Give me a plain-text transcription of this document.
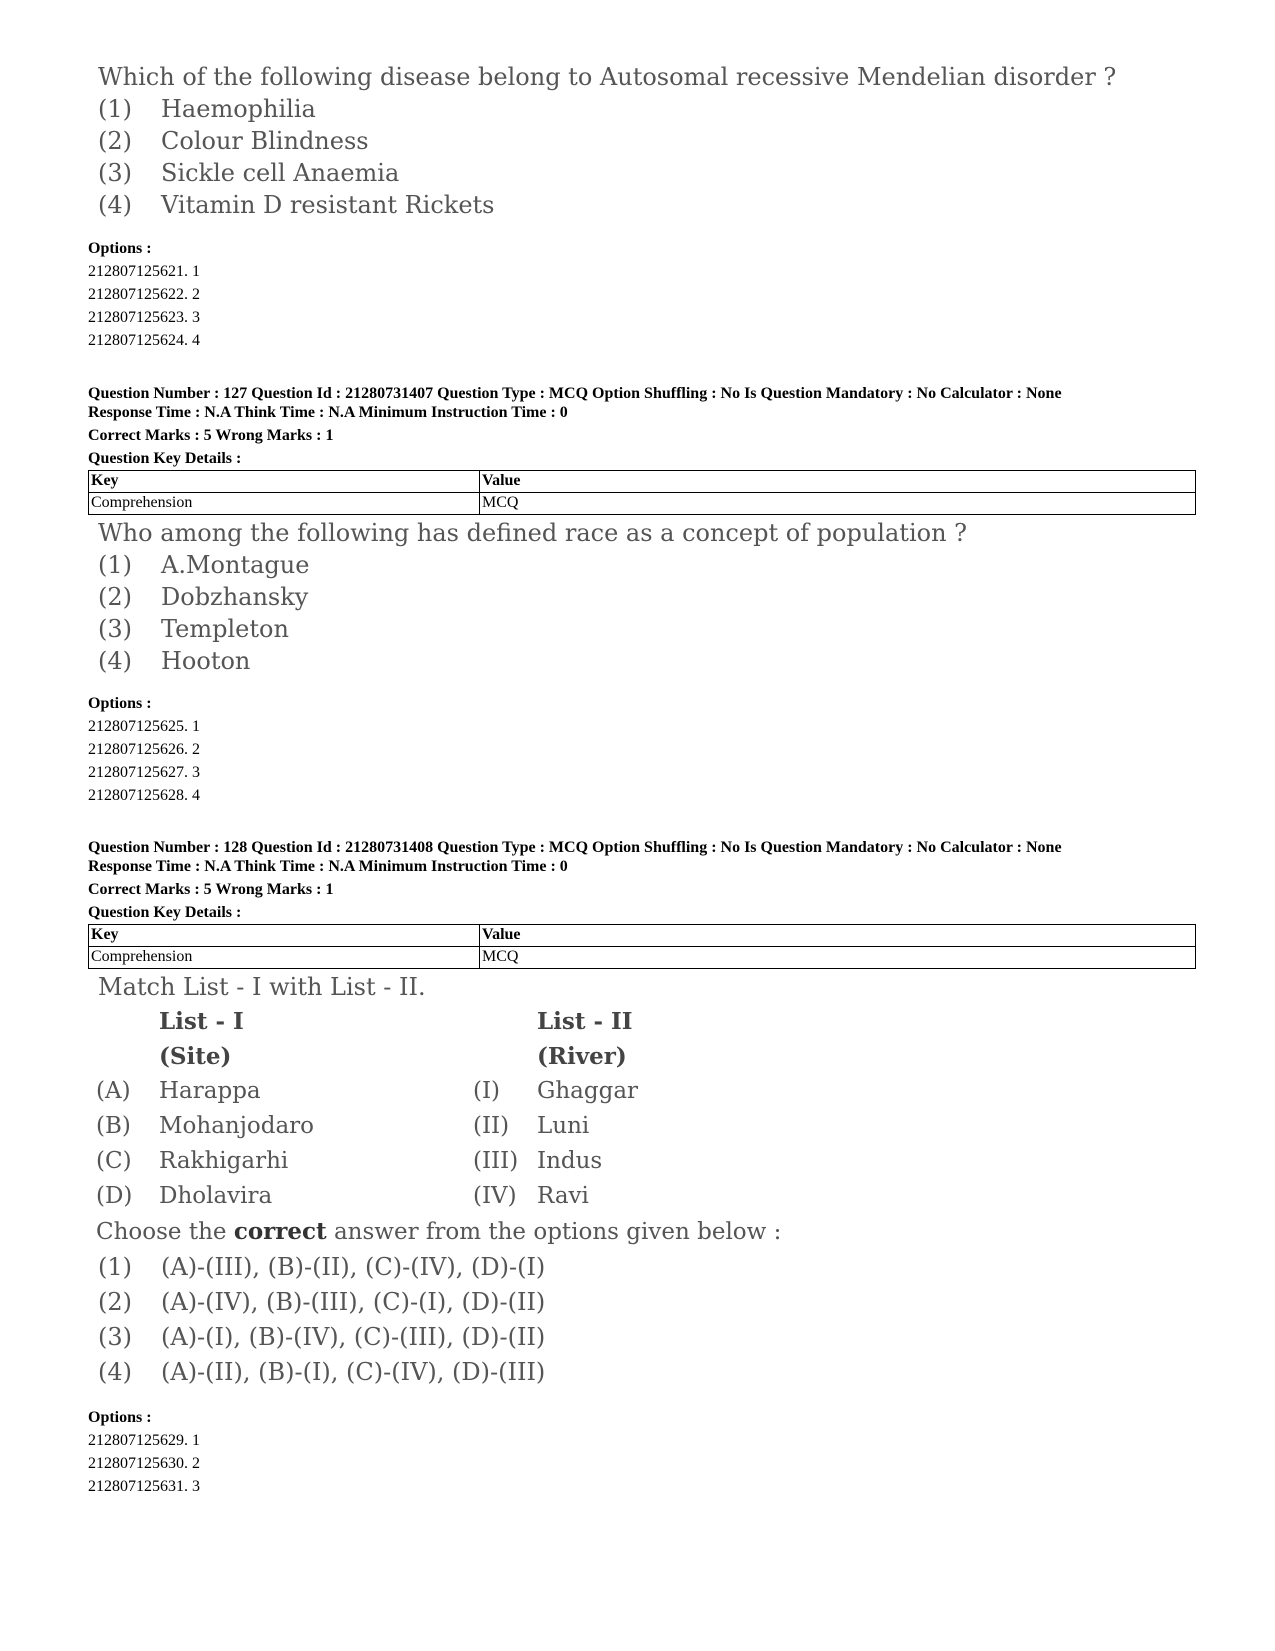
Which of the following disease belong to Autosomal recessive Mendelian disorder ?
(1)	Haemophilia
(2)	Colour Blindness
(3)	Sickle cell Anaemia
(4)	Vitamin D resistant Rickets
Options :
212807125621. 1
212807125622. 2
212807125623. 3
212807125624. 4
Question Number : 127 Question Id : 21280731407 Question Type : MCQ Option Shuffling : No Is Question Mandatory : No Calculator : None
Response Time : N.A Think Time : N.A Minimum Instruction Time : 0
Correct Marks : 5 Wrong Marks : 1
Question Key Details :
Key	Value
Comprehension	MCQ
Who among the following has defined race as a concept of population ?
(1)	A.Montague
(2)	Dobzhansky
(3)	Templeton
(4)	Hooton
Options :
212807125625. 1
212807125626. 2
212807125627. 3
212807125628. 4
Question Number : 128 Question Id : 21280731408 Question Type : MCQ Option Shuffling : No Is Question Mandatory : No Calculator : None
Response Time : N.A Think Time : N.A Minimum Instruction Time : 0
Correct Marks : 5 Wrong Marks : 1
Question Key Details :
Key	Value
Comprehension	MCQ
Match List - I with List - II.
List - I	List - II
(Site)	(River)
(A) Harappa	(I) Ghaggar
(B) Mohanjodaro	(II) Luni
(C) Rakhigarhi	(III) Indus
(D) Dholavira	(IV) Ravi
Choose the correct answer from the options given below :
(1)	(A)-(III), (B)-(II), (C)-(IV), (D)-(I)
(2)	(A)-(IV), (B)-(III), (C)-(I), (D)-(II)
(3)	(A)-(I), (B)-(IV), (C)-(III), (D)-(II)
(4)	(A)-(II), (B)-(I), (C)-(IV), (D)-(III)
Options :
212807125629. 1
212807125630. 2
212807125631. 3
